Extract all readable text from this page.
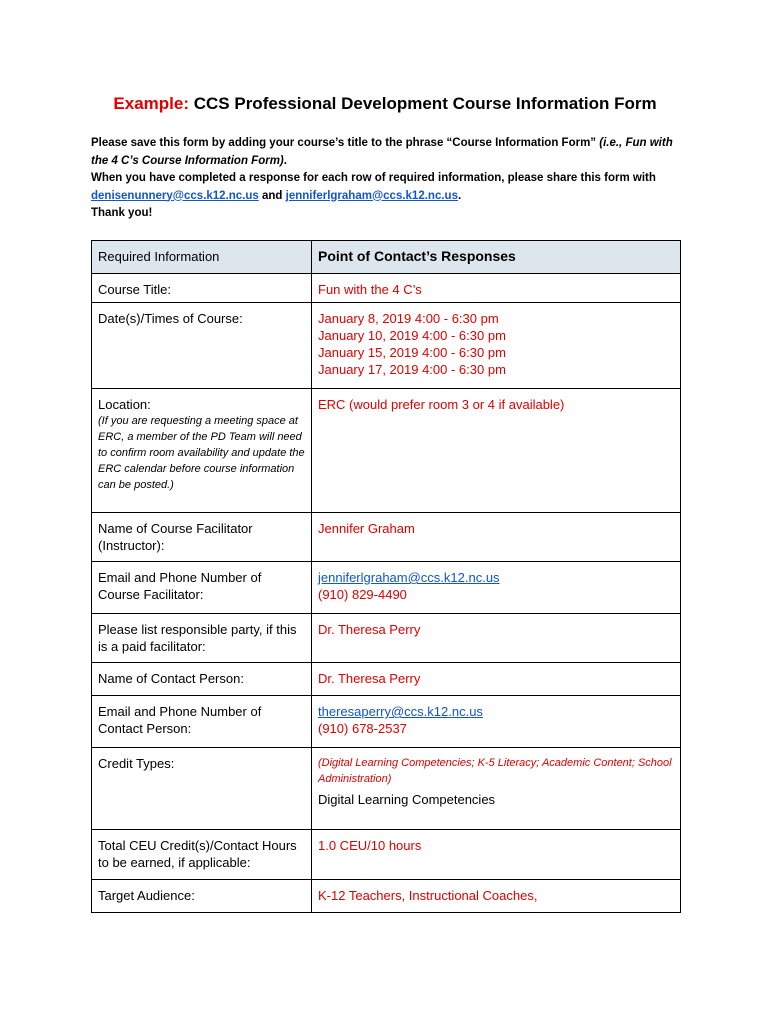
Example: CCS Professional Development Course Information Form

Please save this form by adding your course’s title to the phrase “Course Information Form” (i.e., Fun with the 4 C’s Course Information Form).

When you have completed a response for each row of required information, please share this form with denisenunnery@ccs.k12.nc.us and jenniferlgraham@ccs.k12.nc.us.

Thank you!

Required Information	Point of Contact’s Responses
Course Title:	Fun with the 4 C’s
Date(s)/Times of Course:	January 8, 2019 4:00 - 6:30 pm
January 10, 2019 4:00 - 6:30 pm
January 15, 2019 4:00 - 6:30 pm
January 17, 2019 4:00 - 6:30 pm

Location:
(If you are requesting a meeting space at ERC, a member of the PD Team will need to confirm room availability and update the ERC calendar before course information can be posted.)	ERC (would prefer room 3 or 4 if available)
Name of Course Facilitator (Instructor):	Jennifer Graham
Email and Phone Number of Course Facilitator:	jenniferlgraham@ccs.k12.nc.us
(910) 829-4490

Please list responsible party, if this is a paid facilitator:	Dr. Theresa Perry
Name of Contact Person:	Dr. Theresa Perry
Email and Phone Number of Contact Person:	theresaperry@ccs.k12.nc.us
(910) 678-2537

Credit Types:	(Digital Learning Competencies; K-5 Literacy; Academic Content; School Administration)
Digital Learning Competencies

Total CEU Credit(s)/Contact Hours to be earned, if applicable:	1.0 CEU/10 hours
Target Audience:	K-12 Teachers, Instructional Coaches,
